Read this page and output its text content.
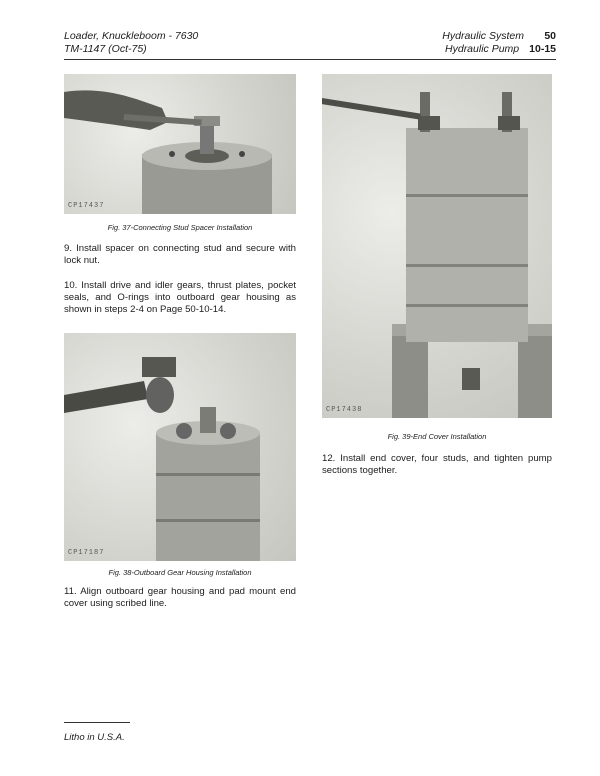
Loader, Knuckleboom - 7630
TM-1147 (Oct-75)
Hydraulic System	50
Hydraulic Pump 10-15
CP17437
Fig. 37-Connecting Stud Spacer Installation
9. Install spacer on connecting stud and secure with lock nut.
10. Install drive and idler gears, thrust plates, pocket seals, and O-rings into outboard gear housing as shown in steps 2-4 on Page 50-10-14.
CP17187
Fig. 38-Outboard Gear Housing Installation
11. Align outboard gear housing and pad mount end cover using scribed line.
CP17438
Fig. 39-End Cover Installation
12. Install end cover, four studs, and tighten pump sections together.
Litho in U.S.A.
